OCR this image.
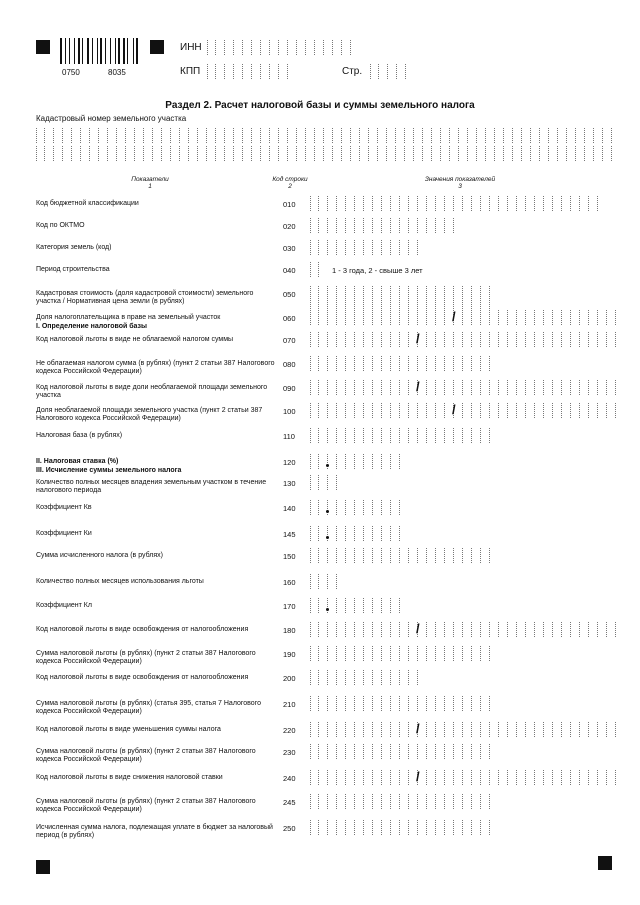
0750	8035
ИНН
КПП	Стр.
Раздел 2. Расчет налоговой базы и суммы земельного налога
Кадастровый номер земельного участка
Показатели
1
Код строки
2
Значения показателей
3
Код бюджетной классификации	010
Код по ОКТМО	020
Категория земель (код)	030
Период строительства	040	1 - 3 года, 2 - свыше 3 лет
Кадастровая стоимость (доля кадастровой стоимости) земельного участка / Нормативная цена земли (в рублях)
050
Доля налогоплательщика в праве на земельный участок
I. Определение налоговой базы
060	/
Код налоговой льготы в виде не облагаемой налогом суммы	070	/
Не облагаемая налогом сумма (в рублях) (пункт 2 статьи 387 Налогового кодекса Российской Федерации)
080
Код налоговой льготы в виде доли необлагаемой площади земельного участка
090	/
Доля необлагаемой площади земельного участка (пункт 2 статьи 387 Налогового кодекса Российской Федерации)
100	/
Налоговая база (в рублях)	110
II. Налоговая ставка (%)
III. Исчисление суммы земельного налога
120
Количество полных месяцев владения земельным участком в течение налогового периода
130
Коэффициент Кв	140
Коэффициент Ки	145
Сумма исчисленного налога (в рублях)	150
Количество полных месяцев использования льготы	160
Коэффициент Кл	170
Код налоговой льготы в виде освобождения от налогообложения	180	/
Сумма налоговой льготы (в рублях) (пункт 2 статьи 387 Налогового кодекса Российской Федерации)
190
Код налоговой льготы в виде освобождения от налогообложения	200
Сумма налоговой льготы (в рублях) (статья 395, статья 7 Налогового кодекса Российской Федерации)
210
Код налоговой льготы в виде уменьшения суммы налога	220	/
Сумма налоговой льготы (в рублях) (пункт 2 статьи 387 Налогового кодекса Российской Федерации)
230
Код налоговой льготы в виде снижения налоговой ставки	240	/
Сумма налоговой льготы (в рублях) (пункт 2 статьи 387 Налогового кодекса Российской Федерации)
245
Исчисленная сумма налога, подлежащая уплате в бюджет за налоговый период (в рублях)
250
